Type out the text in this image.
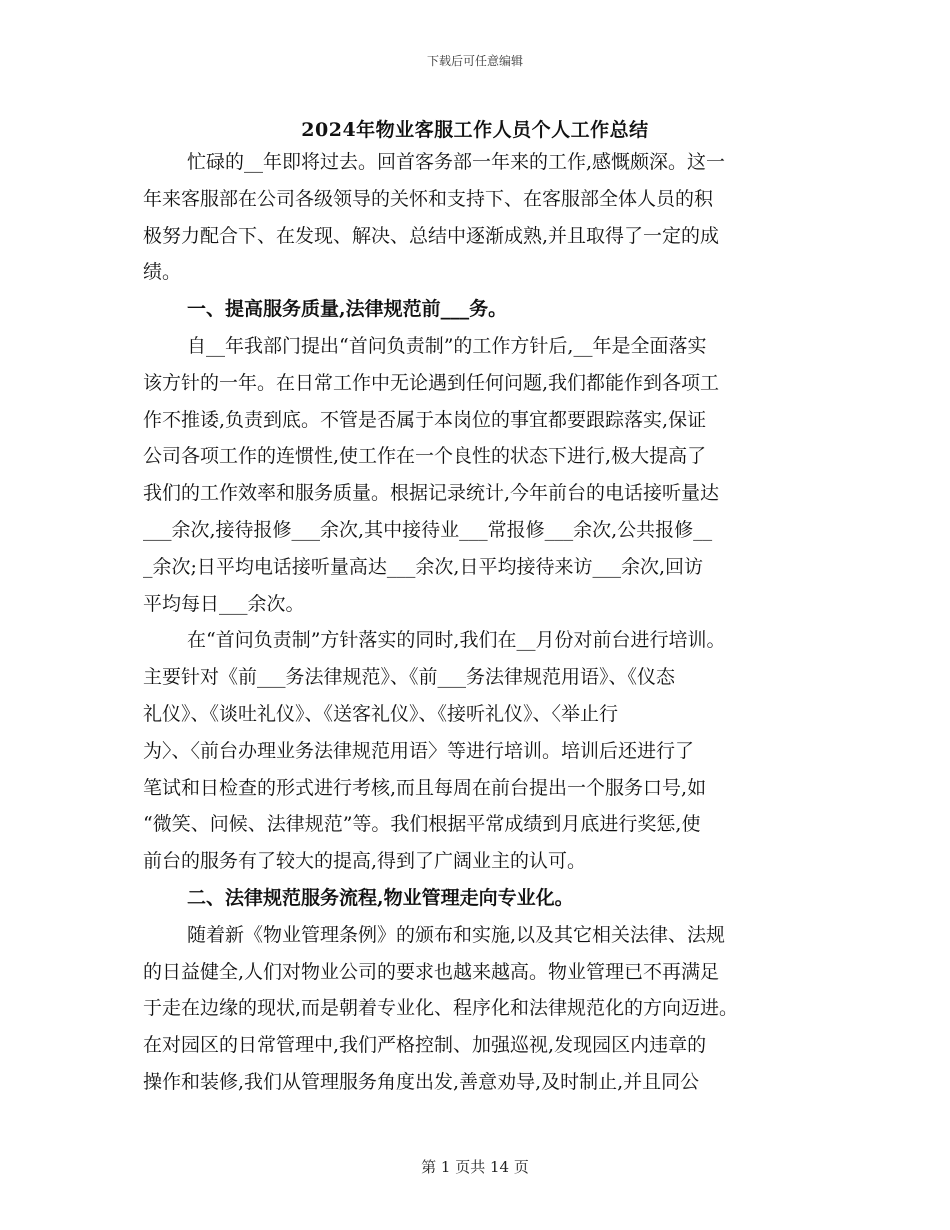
下载后可任意编辑
2024年物业客服工作人员个人工作总结
忙碌的__年即将过去。回首客务部一年来的工作,感慨颇深。这一
年来客服部在公司各级领导的关怀和支持下、在客服部全体人员的积
极努力配合下、在发现、解决、总结中逐渐成熟,并且取得了一定的成
绩。
一、提高服务质量,法律规范前___务。
自__年我部门提出“首问负责制”的工作方针后,__年是全面落实
该方针的一年。在日常工作中无论遇到任何问题,我们都能作到各项工
作不推诿,负责到底。不管是否属于本岗位的事宜都要跟踪落实,保证
公司各项工作的连惯性,使工作在一个良性的状态下进行,极大提高了
我们的工作效率和服务质量。根据记录统计,今年前台的电话接听量达
___余次,接待报修___余次,其中接待业___常报修___余次,公共报修__
_余次;日平均电话接听量高达___余次,日平均接待来访___余次,回访
平均每日___余次。
在“首问负责制”方针落实的同时,我们在__月份对前台进行培训。
主要针对《前___务法律规范》、《前___务法律规范用语》、《仪态
礼仪》、《谈吐礼仪》、《送客礼仪》、《接听礼仪》、〈举止行
为〉、〈前台办理业务法律规范用语〉等进行培训。培训后还进行了
笔试和日检查的形式进行考核,而且每周在前台提出一个服务口号,如
“微笑、问候、法律规范”等。我们根据平常成绩到月底进行奖惩,使
前台的服务有了较大的提高,得到了广阔业主的认可。
二、法律规范服务流程,物业管理走向专业化。
随着新《物业管理条例》的颁布和实施,以及其它相关法律、法规
的日益健全,人们对物业公司的要求也越来越高。物业管理已不再满足
于走在边缘的现状,而是朝着专业化、程序化和法律规范化的方向迈进。
在对园区的日常管理中,我们严格控制、加强巡视,发现园区内违章的
操作和装修,我们从管理服务角度出发,善意劝导,及时制止,并且同公
第 1 页共 14 页
